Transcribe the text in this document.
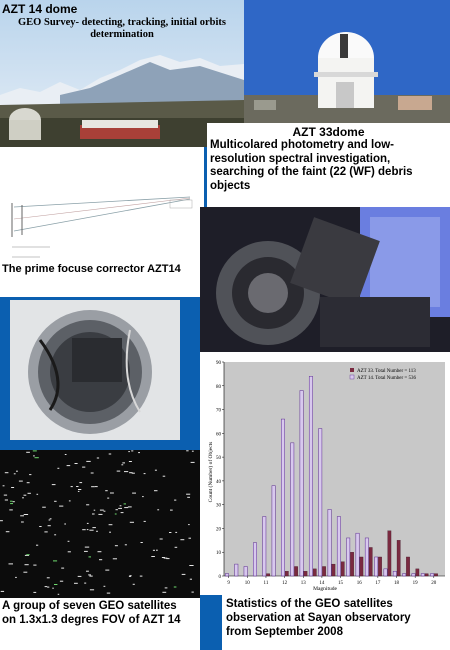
AZT 14 dome
GEO Survey- detecting, tracking, initial orbits
determination
AZT 33dome
Multicolared photometry and low-resolution spectral investigation, searching of the faint (22 (WF) debris objects
The prime focuse corrector AZT14
A group of seven GEO satellites
on 1.3x1.3 degres FOV of AZT 14
Count (Number) of Objects
Magnitude
0
10
20
30
40
50
60
70
80
90
9	10	11	12	13	14	15	16	17	18	19	20
AZT 33. Total Number = 113
AZT 14. Total Number = 536
Statistics of the GEO satellites
observation at Sayan observatory
from September 2008
